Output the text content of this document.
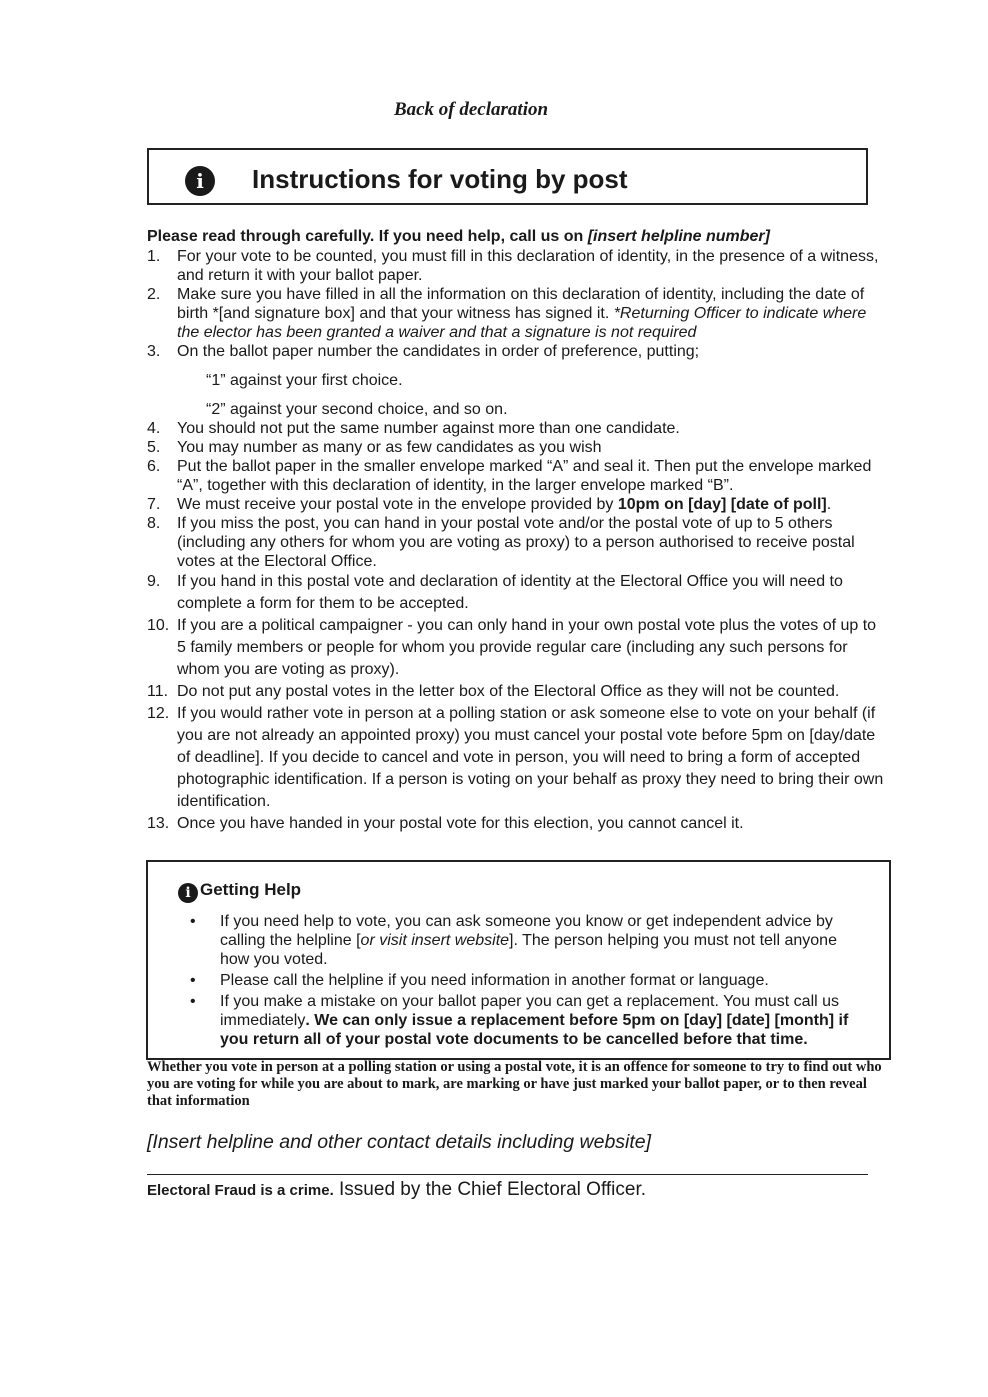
Back of declaration
i	Instructions for voting by post
Please read through carefully. If you need help, call us on [insert helpline number]
1.	For your vote to be counted, you must fill in this declaration of identity, in the presence of a witness, and return it with your ballot paper.
2.	Make sure you have filled in all the information on this declaration of identity, including the date of birth *[and signature box] and that your witness has signed it. *Returning Officer to indicate where the elector has been granted a waiver and that a signature is not required
3.	On the ballot paper number the candidates in order of preference, putting;
“1” against your first choice.
“2” against your second choice, and so on.
4.	You should not put the same number against more than one candidate.
5.	You may number as many or as few candidates as you wish
6.	Put the ballot paper in the smaller envelope marked “A” and seal it. Then put the envelope marked “A”, together with this declaration of identity, in the larger envelope marked “B”.
7.	We must receive your postal vote in the envelope provided by 10pm on [day] [date of poll].
8.	If you miss the post, you can hand in your postal vote and/or the postal vote of up to 5 others (including any others for whom you are voting as proxy) to a person authorised to receive postal votes at the Electoral Office.
9.	If you hand in this postal vote and declaration of identity at the Electoral Office you will need to complete a form for them to be accepted.
10. If you are a political campaigner - you can only hand in your own postal vote plus the votes of up to 5 family members or people for whom you provide regular care (including any such persons for whom you are voting as proxy).
11. Do not put any postal votes in the letter box of the Electoral Office as they will not be counted.
12. If you would rather vote in person at a polling station or ask someone else to vote on your behalf (if you are not already an appointed proxy) you must cancel your postal vote before 5pm on [day/date of deadline]. If you decide to cancel and vote in person, you will need to bring a form of accepted photographic identification. If a person is voting on your behalf as proxy they need to bring their own identification.
13. Once you have handed in your postal vote for this election, you cannot cancel it.
i Getting Help
• If you need help to vote, you can ask someone you know or get independent advice by calling the helpline [or visit insert website]. The person helping you must not tell anyone how you voted.
• Please call the helpline if you need information in another format or language.
• If you make a mistake on your ballot paper you can get a replacement. You must call us immediately. We can only issue a replacement before 5pm on [day] [date] [month] if you return all of your postal vote documents to be cancelled before that time.
Whether you vote in person at a polling station or using a postal vote, it is an offence for someone to try to find out who you are voting for while you are about to mark, are marking or have just marked your ballot paper, or to then reveal that information
[Insert helpline and other contact details including website]
Electoral Fraud is a crime. Issued by the Chief Electoral Officer.
